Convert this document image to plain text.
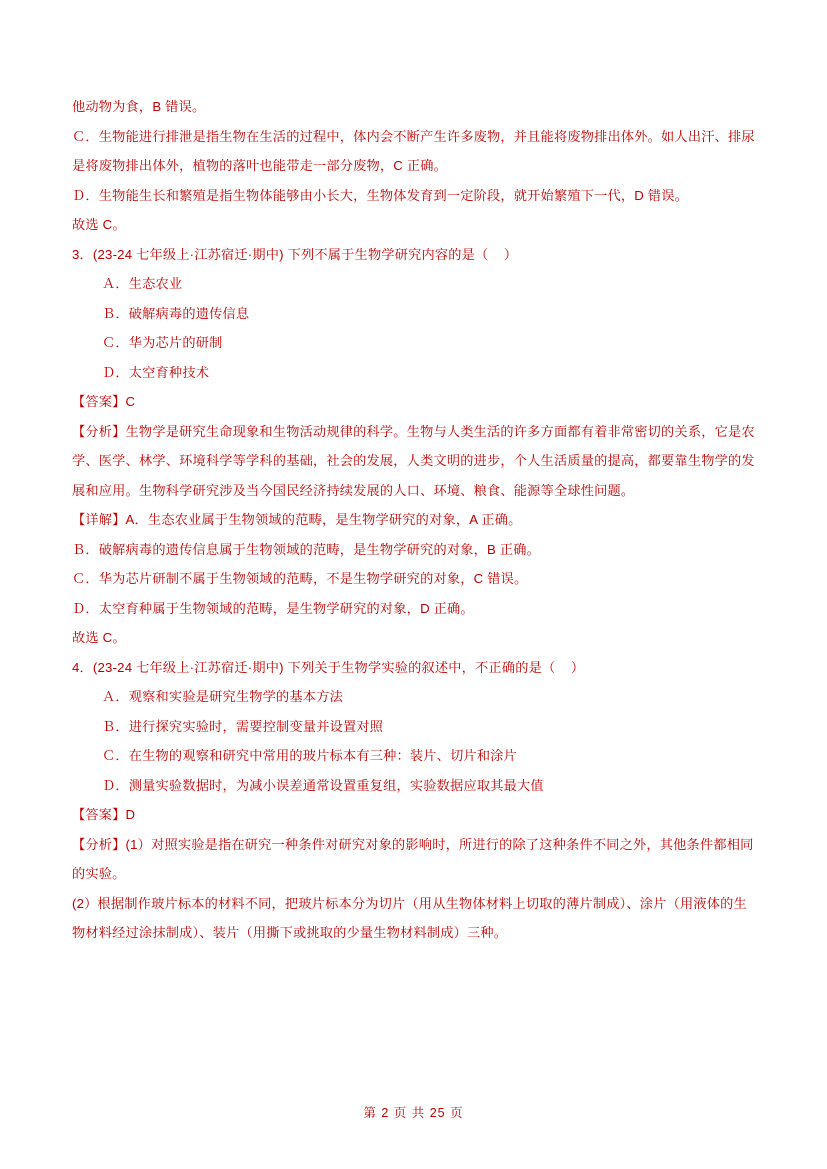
他动物为食，B 错误。
Ｃ．生物能进行排泄是指生物在生活的过程中，体内会不断产生许多废物，并且能将废物排出体外。如人出汗、排尿是将废物排出体外，植物的落叶也能带走一部分废物，C 正确。
Ｄ．生物能生长和繁殖是指生物体能够由小长大，生物体发育到一定阶段，就开始繁殖下一代，D 错误。
故选 C。
3．(23-24 七年级上·江苏宿迁·期中) 下列不属于生物学研究内容的是（    ）
Ａ．生态农业
Ｂ．破解病毒的遗传信息
Ｃ．华为芯片的研制
Ｄ．太空育种技术
【答案】C
【分析】生物学是研究生命现象和生物活动规律的科学。生物与人类生活的许多方面都有着非常密切的关系，它是农学、医学、林学、环境科学等学科的基础，社会的发展，人类文明的进步，个人生活质量的提高，都要靠生物学的发展和应用。生物科学研究涉及当今国民经济持续发展的人口、环境、粮食、能源等全球性问题。
【详解】A．生态农业属于生物领域的范畴，是生物学研究的对象，A 正确。
Ｂ．破解病毒的遗传信息属于生物领域的范畴，是生物学研究的对象，B 正确。
Ｃ．华为芯片研制不属于生物领域的范畴，不是生物学研究的对象，C 错误。
Ｄ．太空育种属于生物领域的范畴，是生物学研究的对象，D 正确。
故选 C。
4．(23-24 七年级上·江苏宿迁·期中) 下列关于生物学实验的叙述中，不正确的是（    ）
Ａ．观察和实验是研究生物学的基本方法
Ｂ．进行探究实验时，需要控制变量并设置对照
Ｃ．在生物的观察和研究中常用的玻片标本有三种：装片、切片和涂片
Ｄ．测量实验数据时，为减小误差通常设置重复组，实验数据应取其最大值
【答案】D
【分析】(1）对照实验是指在研究一种条件对研究对象的影响时，所进行的除了这种条件不同之外，其他条件都相同的实验。
(2）根据制作玻片标本的材料不同，把玻片标本分为切片（用从生物体材料上切取的薄片制成）、涂片（用液体的生物材料经过涂抹制成）、装片（用撕下或挑取的少量生物材料制成）三种。
第 2 页 共 25 页
